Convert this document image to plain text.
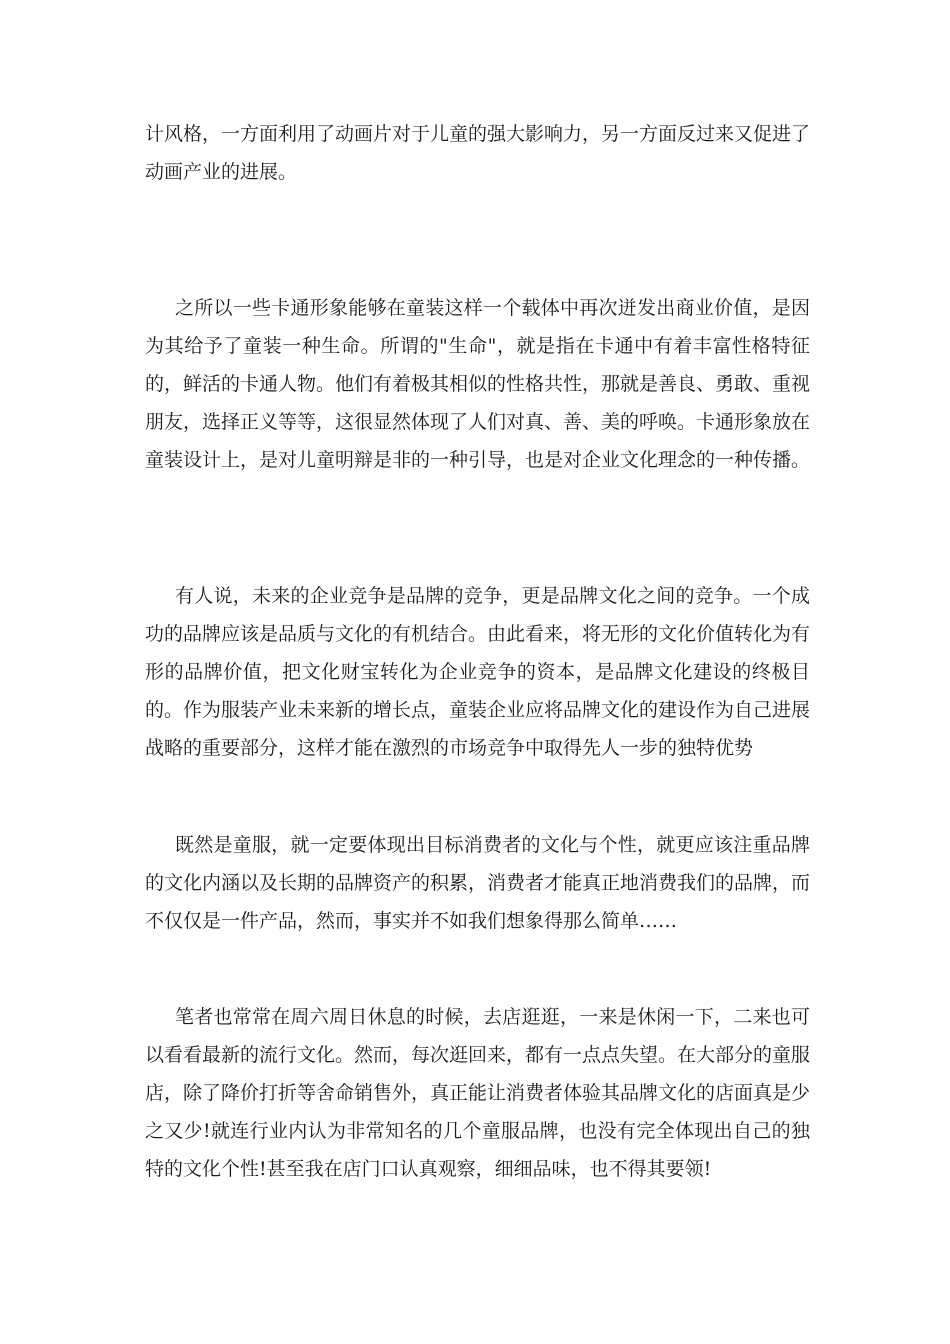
计风格，一方面利用了动画片对于儿童的强大影响力，另一方面反过来又促进了动画产业的进展。

之所以一些卡通形象能够在童装这样一个载体中再次迸发出商业价值，是因为其给予了童装一种生命。所谓的"生命"，就是指在卡通中有着丰富性格特征的，鲜活的卡通人物。他们有着极其相似的性格共性，那就是善良、勇敢、重视朋友，选择正义等等，这很显然体现了人们对真、善、美的呼唤。卡通形象放在童装设计上，是对儿童明辩是非的一种引导，也是对企业文化理念的一种传播。

有人说，未来的企业竞争是品牌的竞争，更是品牌文化之间的竞争。一个成功的品牌应该是品质与文化的有机结合。由此看来，将无形的文化价值转化为有形的品牌价值，把文化财宝转化为企业竞争的资本，是品牌文化建设的终极目的。作为服装产业未来新的增长点，童装企业应将品牌文化的建设作为自己进展战略的重要部分，这样才能在激烈的市场竞争中取得先人一步的独特优势

既然是童服，就一定要体现出目标消费者的文化与个性，就更应该注重品牌的文化内涵以及长期的品牌资产的积累，消费者才能真正地消费我们的品牌，而不仅仅是一件产品，然而，事实并不如我们想象得那么简单……

笔者也常常在周六周日休息的时候，去店逛逛，一来是休闲一下，二来也可以看看最新的流行文化。然而，每次逛回来，都有一点点失望。在大部分的童服店，除了降价打折等舍命销售外，真正能让消费者体验其品牌文化的店面真是少之又少!就连行业内认为非常知名的几个童服品牌，也没有完全体现出自己的独特的文化个性!甚至我在店门口认真观察，细细品味，也不得其要领!
